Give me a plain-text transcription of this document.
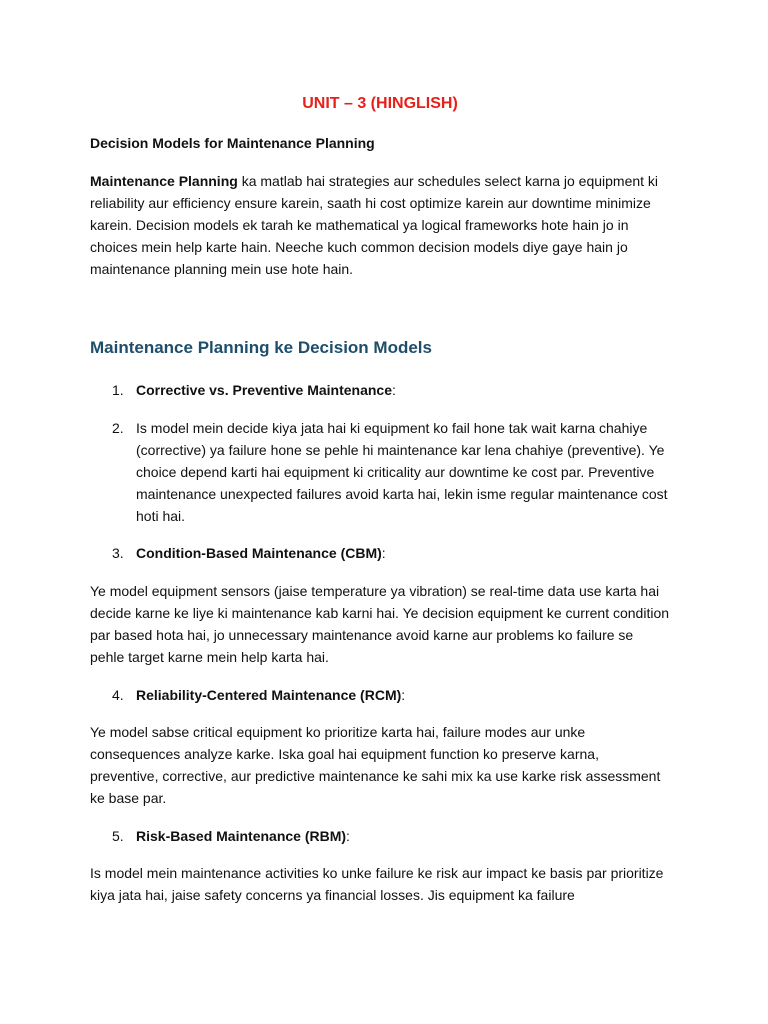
UNIT – 3 (HINGLISH)
Decision Models for Maintenance Planning

Maintenance Planning ka matlab hai strategies aur schedules select karna jo equipment ki reliability aur efficiency ensure karein, saath hi cost optimize karein aur downtime minimize karein. Decision models ek tarah ke mathematical ya logical frameworks hote hain jo in choices mein help karte hain. Neeche kuch common decision models diye gaye hain jo maintenance planning mein use hote hain.

Maintenance Planning ke Decision Models
1. Corrective vs. Preventive Maintenance:
2. Is model mein decide kiya jata hai ki equipment ko fail hone tak wait karna chahiye (corrective) ya failure hone se pehle hi maintenance kar lena chahiye (preventive). Ye choice depend karti hai equipment ki criticality aur downtime ke cost par. Preventive maintenance unexpected failures avoid karta hai, lekin isme regular maintenance cost hoti hai.
3. Condition-Based Maintenance (CBM):

Ye model equipment sensors (jaise temperature ya vibration) se real-time data use karta hai decide karne ke liye ki maintenance kab karni hai. Ye decision equipment ke current condition par based hota hai, jo unnecessary maintenance avoid karne aur problems ko failure se pehle target karne mein help karta hai.

4. Reliability-Centered Maintenance (RCM):

Ye model sabse critical equipment ko prioritize karta hai, failure modes aur unke consequences analyze karke. Iska goal hai equipment function ko preserve karna, preventive, corrective, aur predictive maintenance ke sahi mix ka use karke risk assessment ke base par.

5. Risk-Based Maintenance (RBM):

Is model mein maintenance activities ko unke failure ke risk aur impact ke basis par prioritize kiya jata hai, jaise safety concerns ya financial losses. Jis equipment ka failure
